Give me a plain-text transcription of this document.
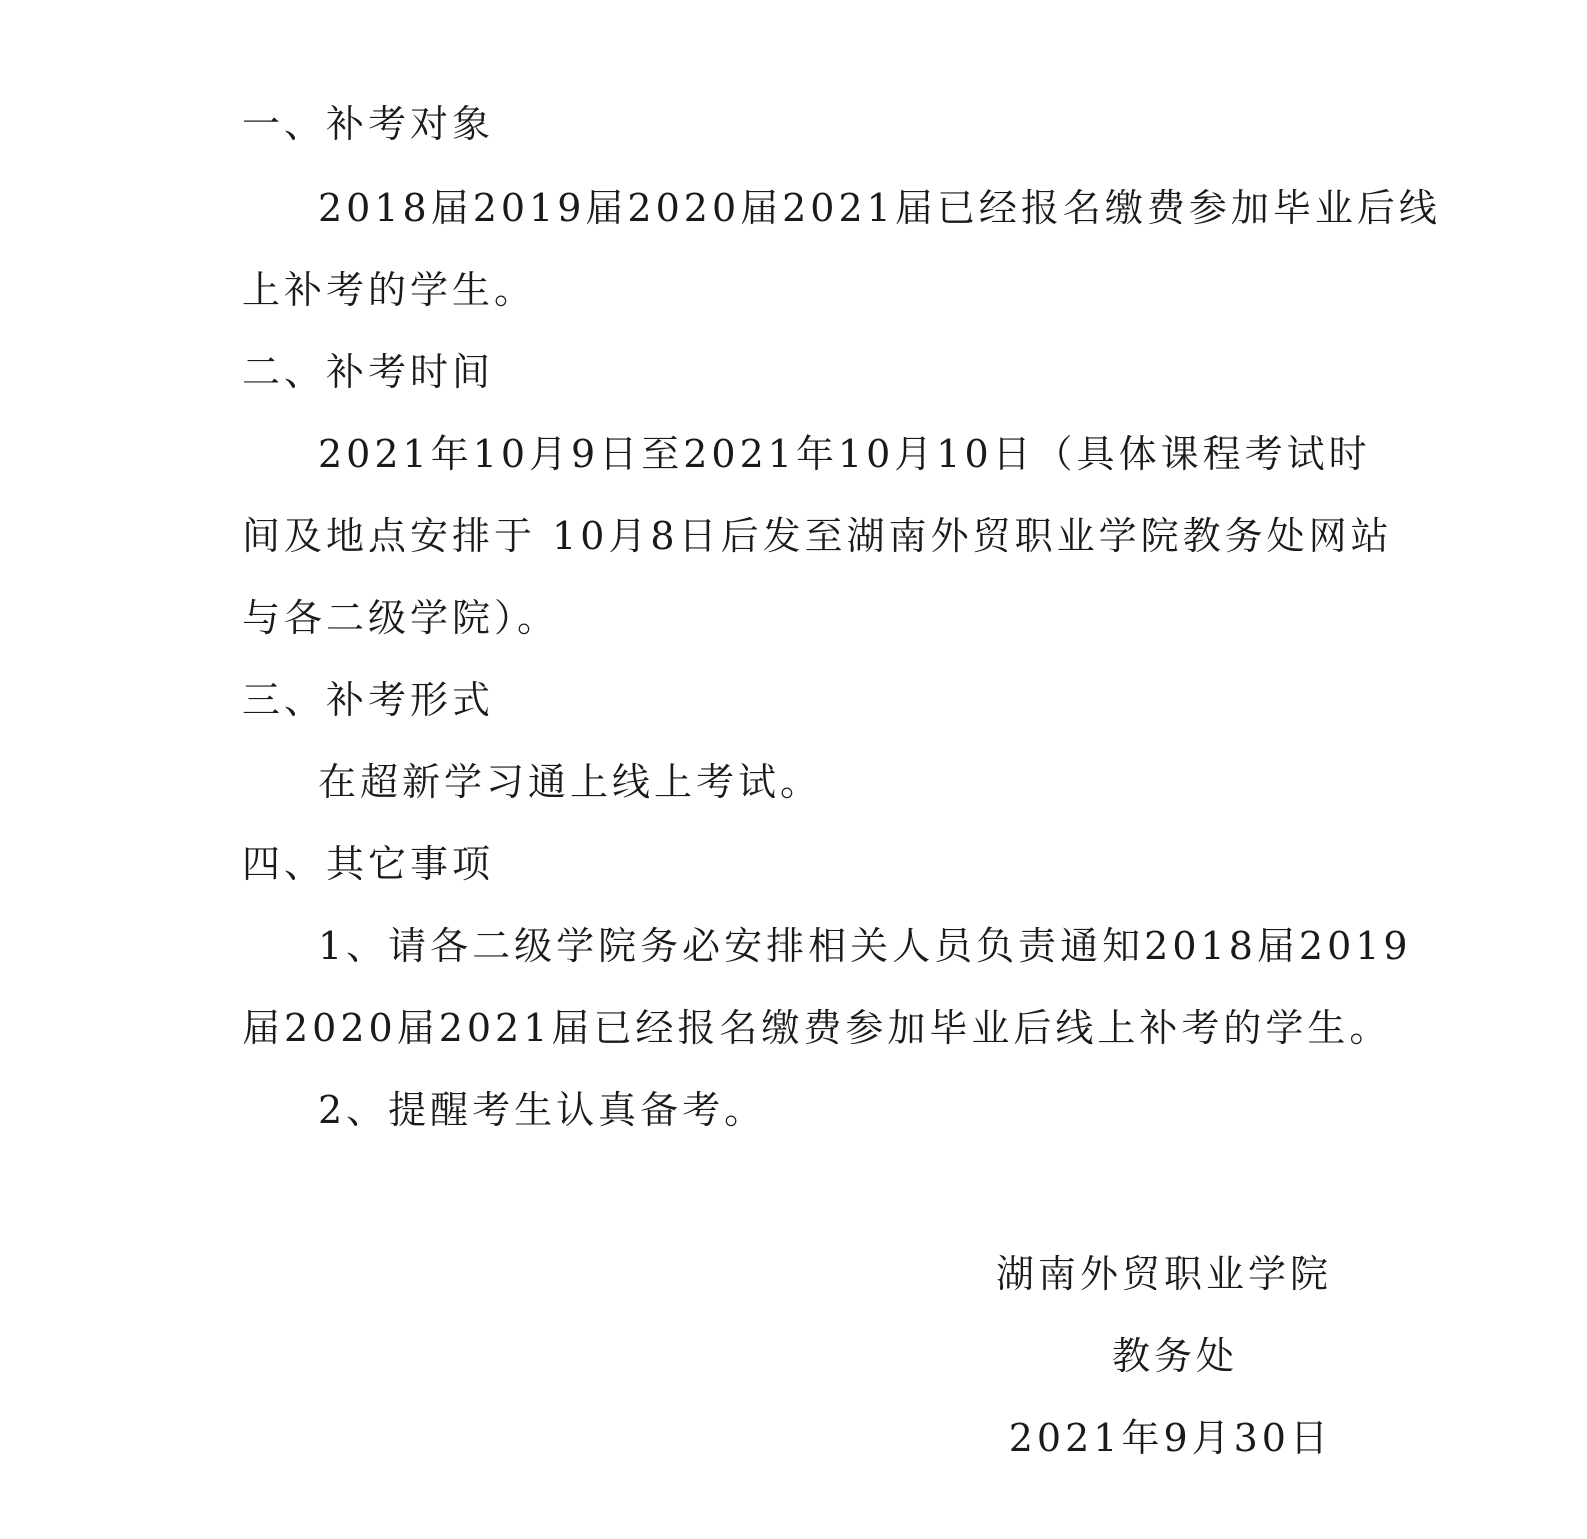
一、补考对象
2018届2019届2020届2021届已经报名缴费参加毕业后线
上补考的学生。
二、补考时间
2021年10月9日至2021年10月10日（具体课程考试时
间及地点安排于 10月8日后发至湖南外贸职业学院教务处网站
与各二级学院）。
三、补考形式
在超新学习通上线上考试。
四、其它事项
1、请各二级学院务必安排相关人员负责通知2018届2019
届2020届2021届已经报名缴费参加毕业后线上补考的学生。
2、提醒考生认真备考。
湖南外贸职业学院
教务处
2021年9月30日
